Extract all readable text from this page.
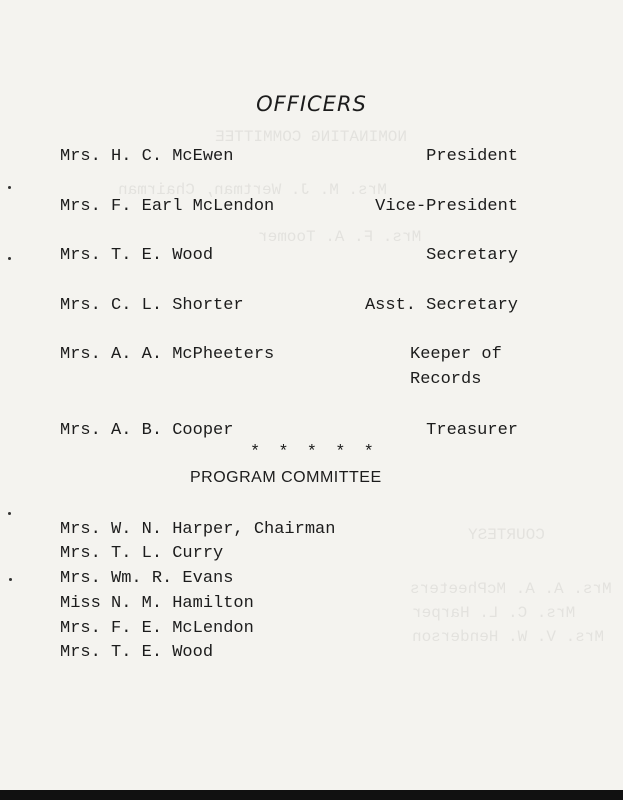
NOMINATING COMMITTEE
Mrs. M. J. Wertman, Chairman
Mrs. F. A. Toomer
COURTESY
Mrs. A. A. McPheeters
Mrs. C. L. Harper
Mrs. V. W. Henderson
OFFICERS
Mrs. H. C. McEwen	President
Mrs. F. Earl McLendon	Vice-President
Mrs. T. E. Wood	Secretary
Mrs. C. L. Shorter	Asst. Secretary
Mrs. A. A. McPheeters	Keeper of
Records
Mrs. A. B. Cooper	Treasurer
* * * * *
PROGRAM COMMITTEE
Mrs. W. N. Harper, Chairman
Mrs. T. L. Curry
Mrs. Wm. R. Evans
Miss N. M. Hamilton
Mrs. F. E. McLendon
Mrs. T. E. Wood
